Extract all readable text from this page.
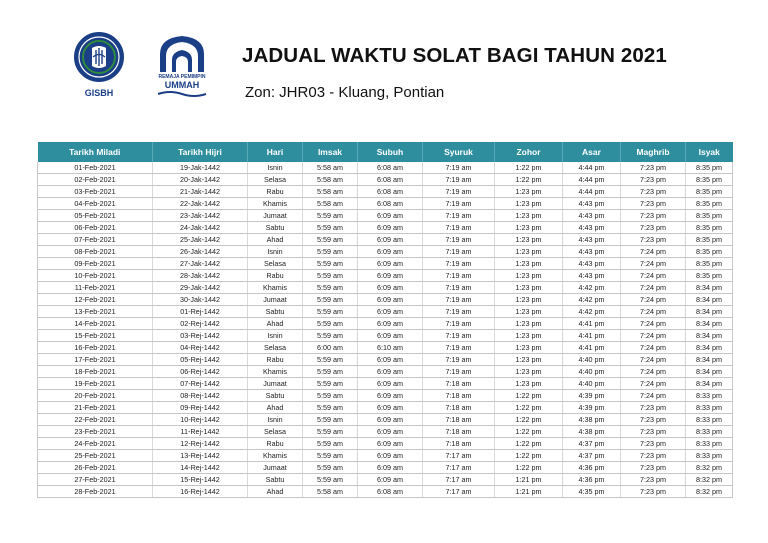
GISBH
REMAJA PEMIMPIN
UMMAH
JADUAL WAKTU SOLAT BAGI TAHUN 2021
Zon: JHR03 - Kluang, Pontian
Tarikh Miladi	Tarikh Hijri	Hari	Imsak	Subuh	Syuruk	Zohor	Asar	Maghrib	Isyak
01-Feb-2021	19-Jak-1442	Isnin	5:58 am	6:08 am	7:19 am	1:22 pm	4:44 pm	7:23 pm	8:35 pm
02-Feb-2021	20-Jak-1442	Selasa	5:58 am	6:08 am	7:19 am	1:22 pm	4:44 pm	7:23 pm	8:35 pm
03-Feb-2021	21-Jak-1442	Rabu	5:58 am	6:08 am	7:19 am	1:23 pm	4:44 pm	7:23 pm	8:35 pm
04-Feb-2021	22-Jak-1442	Khamis	5:58 am	6:08 am	7:19 am	1:23 pm	4:43 pm	7:23 pm	8:35 pm
05-Feb-2021	23-Jak-1442	Jumaat	5:59 am	6:09 am	7:19 am	1:23 pm	4:43 pm	7:23 pm	8:35 pm
06-Feb-2021	24-Jak-1442	Sabtu	5:59 am	6:09 am	7:19 am	1:23 pm	4:43 pm	7:23 pm	8:35 pm
07-Feb-2021	25-Jak-1442	Ahad	5:59 am	6:09 am	7:19 am	1:23 pm	4:43 pm	7:23 pm	8:35 pm
08-Feb-2021	26-Jak-1442	Isnin	5:59 am	6:09 am	7:19 am	1:23 pm	4:43 pm	7:24 pm	8:35 pm
09-Feb-2021	27-Jak-1442	Selasa	5:59 am	6:09 am	7:19 am	1:23 pm	4:43 pm	7:24 pm	8:35 pm
10-Feb-2021	28-Jak-1442	Rabu	5:59 am	6:09 am	7:19 am	1:23 pm	4:43 pm	7:24 pm	8:35 pm
11-Feb-2021	29-Jak-1442	Khamis	5:59 am	6:09 am	7:19 am	1:23 pm	4:42 pm	7:24 pm	8:34 pm
12-Feb-2021	30-Jak-1442	Jumaat	5:59 am	6:09 am	7:19 am	1:23 pm	4:42 pm	7:24 pm	8:34 pm
13-Feb-2021	01-Rej-1442	Sabtu	5:59 am	6:09 am	7:19 am	1:23 pm	4:42 pm	7:24 pm	8:34 pm
14-Feb-2021	02-Rej-1442	Ahad	5:59 am	6:09 am	7:19 am	1:23 pm	4:41 pm	7:24 pm	8:34 pm
15-Feb-2021	03-Rej-1442	Isnin	5:59 am	6:09 am	7:19 am	1:23 pm	4:41 pm	7:24 pm	8:34 pm
16-Feb-2021	04-Rej-1442	Selasa	6:00 am	6:10 am	7:19 am	1:23 pm	4:41 pm	7:24 pm	8:34 pm
17-Feb-2021	05-Rej-1442	Rabu	5:59 am	6:09 am	7:19 am	1:23 pm	4:40 pm	7:24 pm	8:34 pm
18-Feb-2021	06-Rej-1442	Khamis	5:59 am	6:09 am	7:19 am	1:23 pm	4:40 pm	7:24 pm	8:34 pm
19-Feb-2021	07-Rej-1442	Jumaat	5:59 am	6:09 am	7:18 am	1:23 pm	4:40 pm	7:24 pm	8:34 pm
20-Feb-2021	08-Rej-1442	Sabtu	5:59 am	6:09 am	7:18 am	1:22 pm	4:39 pm	7:24 pm	8:33 pm
21-Feb-2021	09-Rej-1442	Ahad	5:59 am	6:09 am	7:18 am	1:22 pm	4:39 pm	7:23 pm	8:33 pm
22-Feb-2021	10-Rej-1442	Isnin	5:59 am	6:09 am	7:18 am	1:22 pm	4:38 pm	7:23 pm	8:33 pm
23-Feb-2021	11-Rej-1442	Selasa	5:59 am	6:09 am	7:18 am	1:22 pm	4:38 pm	7:23 pm	8:33 pm
24-Feb-2021	12-Rej-1442	Rabu	5:59 am	6:09 am	7:18 am	1:22 pm	4:37 pm	7:23 pm	8:33 pm
25-Feb-2021	13-Rej-1442	Khamis	5:59 am	6:09 am	7:17 am	1:22 pm	4:37 pm	7:23 pm	8:33 pm
26-Feb-2021	14-Rej-1442	Jumaat	5:59 am	6:09 am	7:17 am	1:22 pm	4:36 pm	7:23 pm	8:32 pm
27-Feb-2021	15-Rej-1442	Sabtu	5:59 am	6:09 am	7:17 am	1:21 pm	4:36 pm	7:23 pm	8:32 pm
28-Feb-2021	16-Rej-1442	Ahad	5:58 am	6:08 am	7:17 am	1:21 pm	4:35 pm	7:23 pm	8:32 pm
